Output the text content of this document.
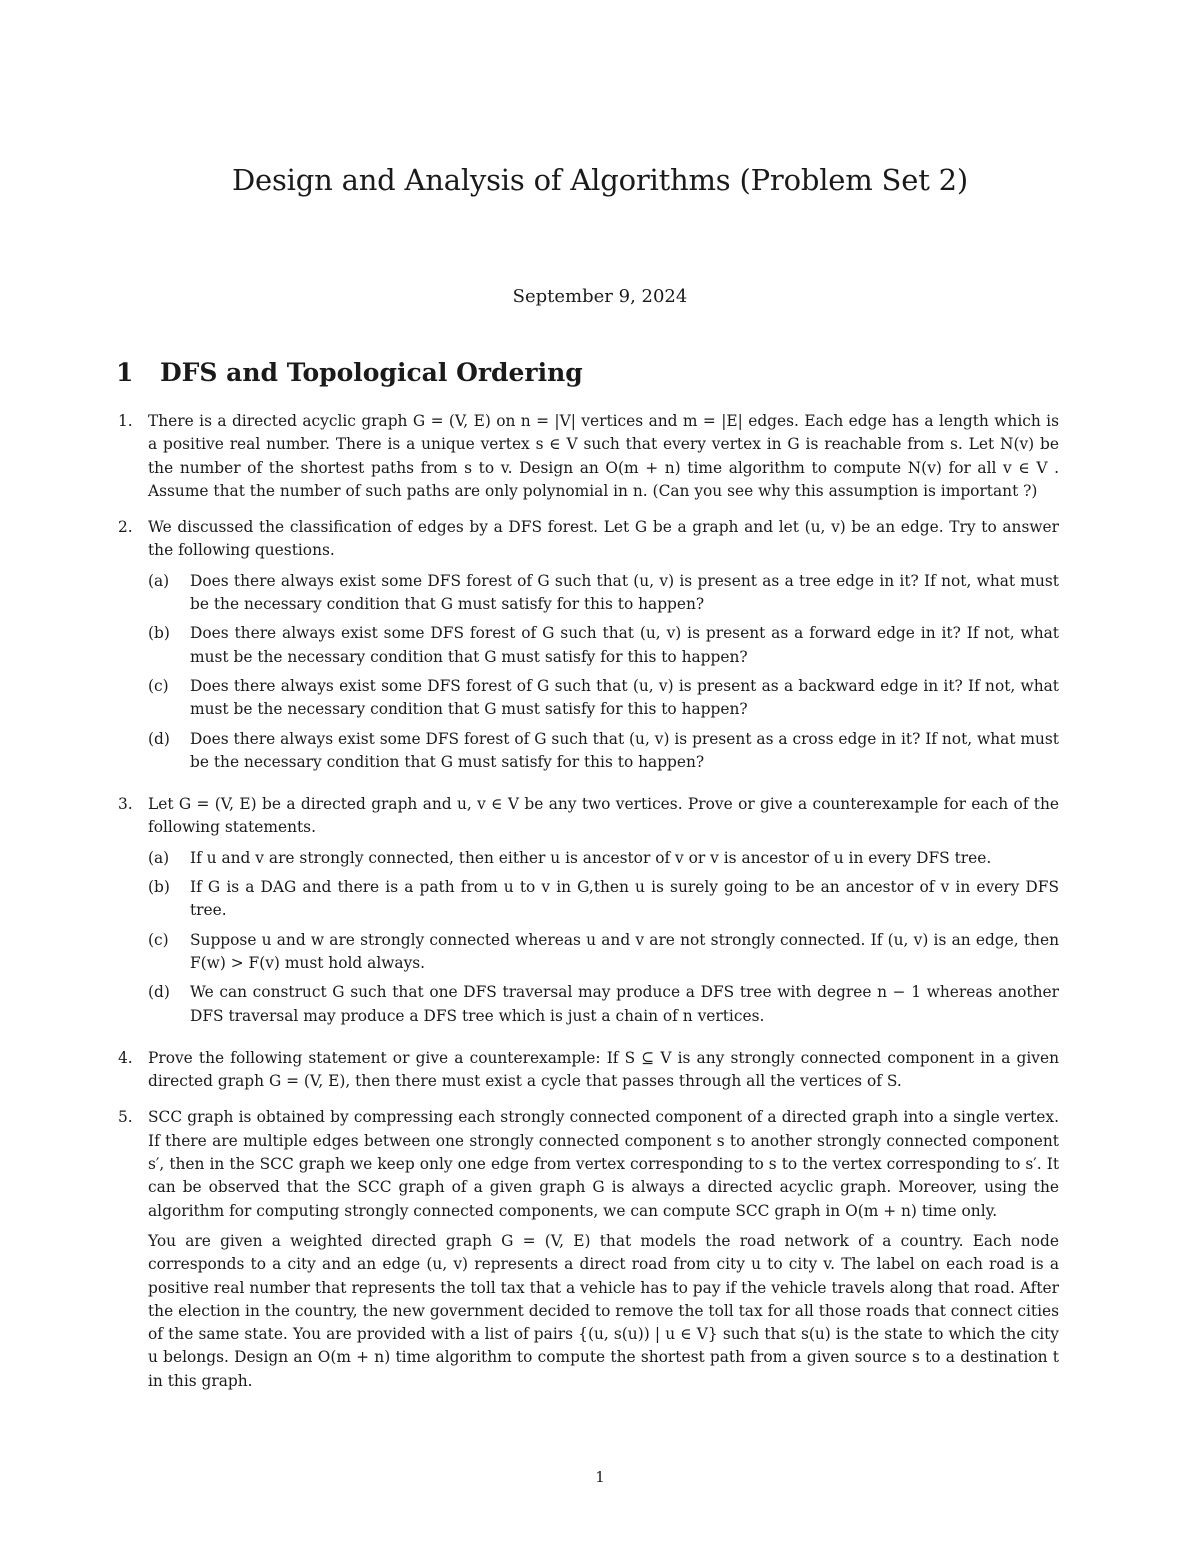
Design and Analysis of Algorithms (Problem Set 2)

September 9, 2024

1 DFS and Topological Ordering
1. There is a directed acyclic graph G = (V, E) on n = |V| vertices and m = |E| edges. Each edge has a length which is a positive real number. There is a unique vertex s ∈ V such that every vertex in G is reachable from s. Let N(v) be the number of the shortest paths from s to v. Design an O(m + n) time algorithm to compute N(v) for all v ∈ V . Assume that the number of such paths are only polynomial in n. (Can you see why this assumption is important ?)

2. We discussed the classification of edges by a DFS forest. Let G be a graph and let (u, v) be an edge. Try to answer the following questions.

(a)	Does there always exist some DFS forest of G such that (u, v) is present as a tree edge in it? If not, what must be the necessary condition that G must satisfy for this to happen?
(b)	Does there always exist some DFS forest of G such that (u, v) is present as a forward edge in it? If not, what must be the necessary condition that G must satisfy for this to happen?
(c)	Does there always exist some DFS forest of G such that (u, v) is present as a backward edge in it? If not, what must be the necessary condition that G must satisfy for this to happen?
(d)	Does there always exist some DFS forest of G such that (u, v) is present as a cross edge in it? If not, what must be the necessary condition that G must satisfy for this to happen?
3. Let G = (V, E) be a directed graph and u, v ∈ V be any two vertices. Prove or give a counterexample for each of the following statements.

(a)	If u and v are strongly connected, then either u is ancestor of v or v is ancestor of u in every DFS tree.
(b)	If G is a DAG and there is a path from u to v in G,then u is surely going to be an ancestor of v in every DFS tree.
(c)	Suppose u and w are strongly connected whereas u and v are not strongly connected. If (u, v) is an edge, then F(w) > F(v) must hold always.
(d)	We can construct G such that one DFS traversal may produce a DFS tree with degree n − 1 whereas another DFS traversal may produce a DFS tree which is just a chain of n vertices.
4. Prove the following statement or give a counterexample: If S ⊆ V is any strongly connected component in a given directed graph G = (V, E), then there must exist a cycle that passes through all the vertices of S.

5. SCC graph is obtained by compressing each strongly connected component of a directed graph into a single vertex. If there are multiple edges between one strongly connected component s to another strongly connected component s′, then in the SCC graph we keep only one edge from vertex corresponding to s to the vertex corresponding to s′. It can be observed that the SCC graph of a given graph G is always a directed acyclic graph. Moreover, using the algorithm for computing strongly connected components, we can compute SCC graph in O(m + n) time only.

You are given a weighted directed graph G = (V, E) that models the road network of a country. Each node corresponds to a city and an edge (u, v) represents a direct road from city u to city v. The label on each road is a positive real number that represents the toll tax that a vehicle has to pay if the vehicle travels along that road. After the election in the country, the new government decided to remove the toll tax for all those roads that connect cities of the same state. You are provided with a list of pairs {(u, s(u)) | u ∈ V} such that s(u) is the state to which the city u belongs. Design an O(m + n) time algorithm to compute the shortest path from a given source s to a destination t in this graph.

1
